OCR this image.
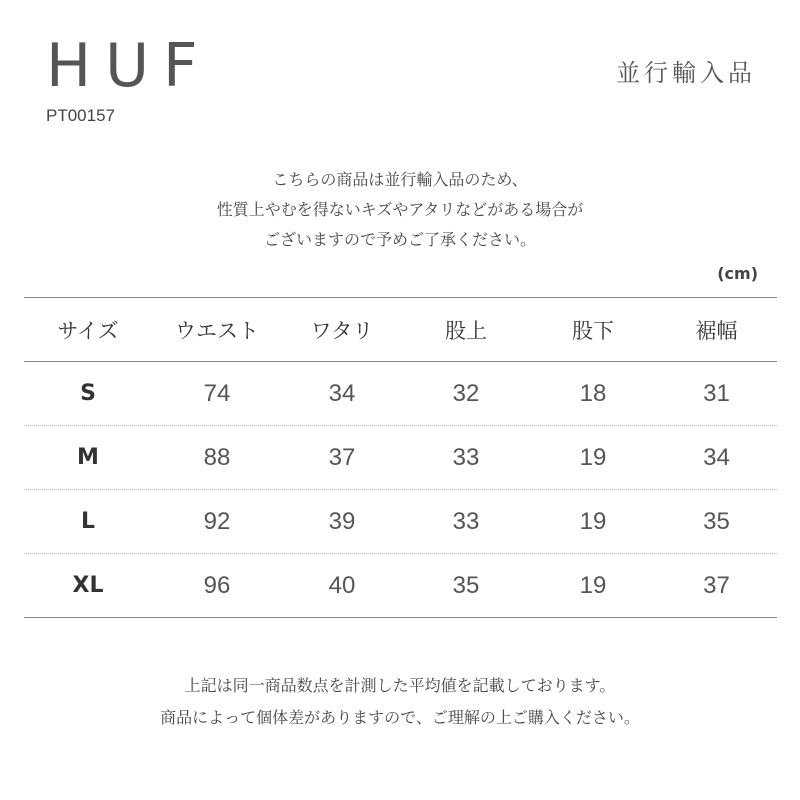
HUF
PT00157
並行輸入品
こちらの商品は並行輸入品のため、
性質上やむを得ないキズやアタリなどがある場合が
ございますので予めご了承ください。
(cm)
サイズ	ウエスト	ワタリ	股上	股下	裾幅
S	74	34	32	18	31
M	88	37	33	19	34
L	92	39	33	19	35
XL	96	40	35	19	37
上記は同一商品数点を計測した平均値を記載しております。
商品によって個体差がありますので、ご理解の上ご購入ください。
